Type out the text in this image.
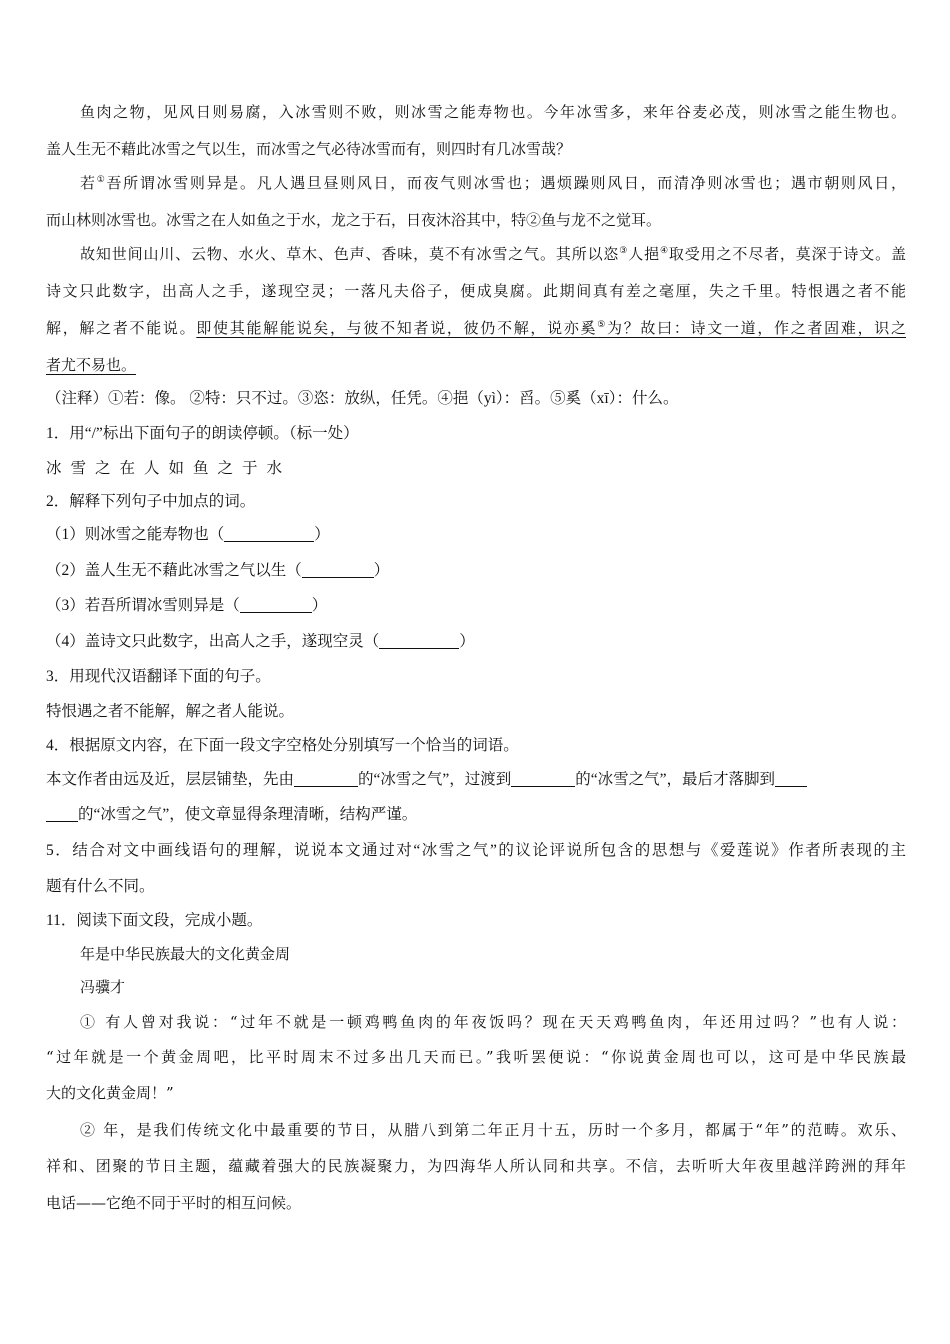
鱼肉之物，见风日则易腐，入冰雪则不败，则冰雪之能寿物也。今年冰雪多，来年谷麦必茂，则冰雪之能生物也。
盖人生无不藉此冰雪之气以生，而冰雪之气必待冰雪而有，则四时有几冰雪哉？
若①吾所谓冰雪则异是。凡人遇旦昼则风日，而夜气则冰雪也；遇烦躁则风日，而清净则冰雪也；遇市朝则风日，
而山林则冰雪也。冰雪之在人如鱼之于水，龙之于石，日夜沐浴其中，特②鱼与龙不之觉耳。
故知世间山川、云物、水火、草木、色声、香味，莫不有冰雪之气。其所以恣③人挹④取受用之不尽者，莫深于诗文。盖
诗文只此数字，出高人之手，遂现空灵；一落凡夫俗子，便成臭腐。此期间真有差之毫厘，失之千里。特恨遇之者不能
解，解之者不能说。即使其能解能说矣，与彼不知者说，彼仍不解，说亦奚⑤为？故曰：诗文一道，作之者固难，识之
者尤不易也。
（注释）①若：像。 ②特：只不过。③恣：放纵，任凭。④挹（yì）：舀。⑤奚（xī）：什么。
1．用“/”标出下面句子的朗读停顿。（标一处）
冰雪之在人如鱼之于水
2．解释下列句子中加点的词。
（1）则冰雪之能寿物也（	）
（2）盖人生无不藉此冰雪之气以生（	）
（3）若吾所谓冰雪则异是（	）
（4）盖诗文只此数字，出高人之手，遂现空灵（	）
3．用现代汉语翻译下面的句子。
特恨遇之者不能解，解之者人能说。
4．根据原文内容，在下面一段文字空格处分别填写一个恰当的词语。
本文作者由远及近，层层铺垫，先由	的“冰雪之气”，过渡到	的“冰雪之气”，最后才落脚到
的“冰雪之气”，使文章显得条理清晰，结构严谨。
5．结合对文中画线语句的理解，说说本文通过对“冰雪之气”的议论评说所包含的思想与《爱莲说》作者所表现的主
题有什么不同。
11．阅读下面文段，完成小题。
年是中华民族最大的文化黄金周
冯骥才
① 有人曾对我说：“过年不就是一顿鸡鸭鱼肉的年夜饭吗？现在天天鸡鸭鱼肉，年还用过吗？”也有人说：
“过年就是一个黄金周吧，比平时周末不过多出几天而已。”我听罢便说：“你说黄金周也可以，这可是中华民族最
大的文化黄金周！”
② 年，是我们传统文化中最重要的节日，从腊八到第二年正月十五，历时一个多月，都属于“年”的范畴。欢乐、
祥和、团聚的节日主题，蕴藏着强大的民族凝聚力，为四海华人所认同和共享。不信，去听听大年夜里越洋跨洲的拜年
电话——它绝不同于平时的相互问候。
